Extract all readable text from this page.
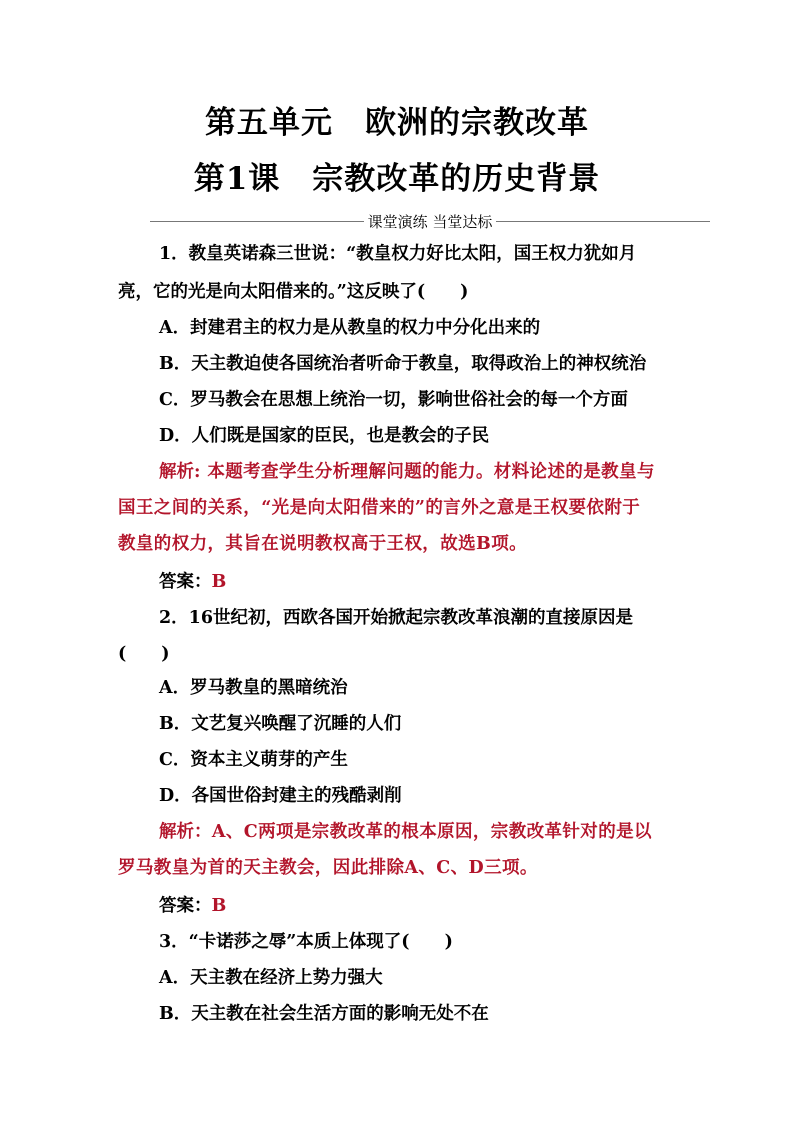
第五单元　欧洲的宗教改革
第1课　宗教改革的历史背景
课堂演练 当堂达标
1．教皇英诺森三世说：“教皇权力好比太阳，国王权力犹如月
亮，它的光是向太阳借来的。”这反映了(　　)
A．封建君主的权力是从教皇的权力中分化出来的
B．天主教迫使各国统治者听命于教皇，取得政治上的神权统治
C．罗马教会在思想上统治一切，影响世俗社会的每一个方面
D．人们既是国家的臣民，也是教会的子民
解析: 本题考查学生分析理解问题的能力。材料论述的是教皇与
国王之间的关系，“光是向太阳借来的”的言外之意是王权要依附于
教皇的权力，其旨在说明教权高于王权，故选B项。
答案：B
2．16世纪初，西欧各国开始掀起宗教改革浪潮的直接原因是
(　　)
A．罗马教皇的黑暗统治
B．文艺复兴唤醒了沉睡的人们
C．资本主义萌芽的产生
D．各国世俗封建主的残酷剥削
解析：A、C两项是宗教改革的根本原因，宗教改革针对的是以
罗马教皇为首的天主教会，因此排除A、C、D三项。
答案：B
3．“卡诺莎之辱”本质上体现了(　　)
A．天主教在经济上势力强大
B．天主教在社会生活方面的影响无处不在
